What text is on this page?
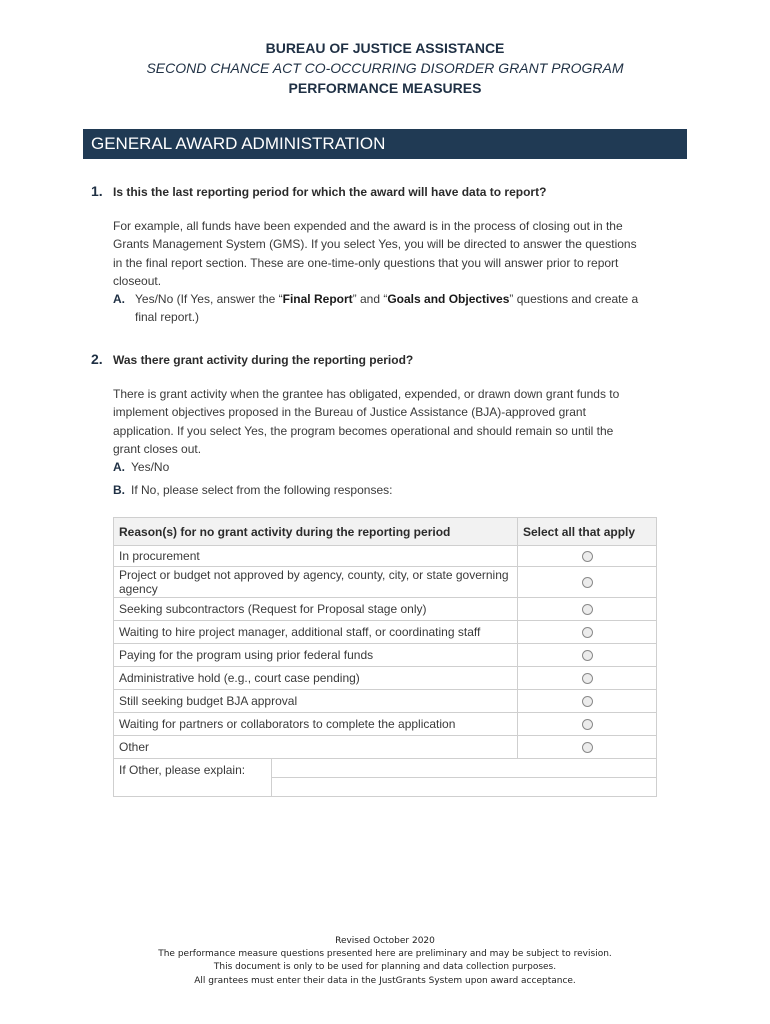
BUREAU OF JUSTICE ASSISTANCE
SECOND CHANCE ACT CO-OCCURRING DISORDER GRANT PROGRAM
PERFORMANCE MEASURES
GENERAL AWARD ADMINISTRATION
1. Is this the last reporting period for which the award will have data to report?
For example, all funds have been expended and the award is in the process of closing out in the Grants Management System (GMS). If you select Yes, you will be directed to answer the questions in the final report section. These are one-time-only questions that you will answer prior to report closeout.
A. Yes/No (If Yes, answer the “Final Report” and “Goals and Objectives” questions and create a final report.)
2. Was there grant activity during the reporting period?
There is grant activity when the grantee has obligated, expended, or drawn down grant funds to implement objectives proposed in the Bureau of Justice Assistance (BJA)-approved grant application. If you select Yes, the program becomes operational and should remain so until the grant closes out.
A. Yes/No
B. If No, please select from the following responses:
Reason(s) for no grant activity during the reporting period	Select all that apply
In procurement	
Project or budget not approved by agency, county, city, or state governing agency	
Seeking subcontractors (Request for Proposal stage only)	
Waiting to hire project manager, additional staff, or coordinating staff	
Paying for the program using prior federal funds	
Administrative hold (e.g., court case pending)	
Still seeking budget BJA approval	
Waiting for partners or collaborators to complete the application	
Other	

If Other, please explain:	
Revised October 2020
The performance measure questions presented here are preliminary and may be subject to revision.
This document is only to be used for planning and data collection purposes.
All grantees must enter their data in the JustGrants System upon award acceptance.
